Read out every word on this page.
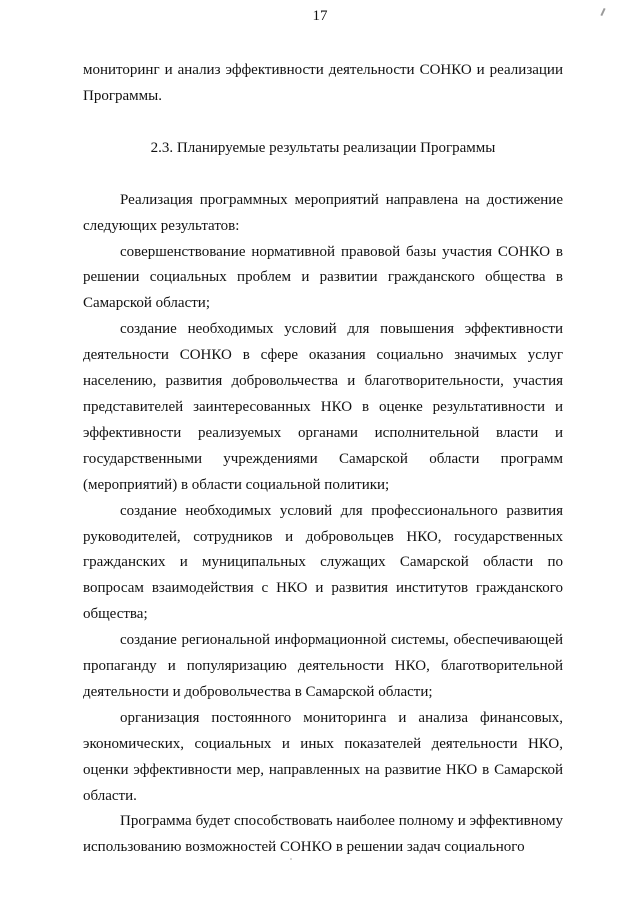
17

мониторинг и анализ эффективности деятельности СОНКО и реализации Программы.

2.3. Планируемые результаты реализации Программы

Реализация программных мероприятий направлена на достижение следующих результатов:

совершенствование нормативной правовой базы участия СОНКО в решении социальных проблем и развитии гражданского общества в Самарской области;

создание необходимых условий для повышения эффективности деятельности СОНКО в сфере оказания социально значимых услуг населению, развития добровольчества и благотворительности, участия представителей заинтересованных НКО в оценке результативности и эффективности реализуемых органами исполнительной власти и государственными учреждениями Самарской области программ (мероприятий) в области социальной политики;

создание необходимых условий для профессионального развития руководителей, сотрудников и добровольцев НКО, государственных гражданских и муниципальных служащих Самарской области по вопросам взаимодействия с НКО и развития институтов гражданского общества;

создание региональной информационной системы, обеспечивающей пропаганду и популяризацию деятельности НКО, благотворительной деятельности и добровольчества в Самарской области;

организация постоянного мониторинга и анализа финансовых, экономических, социальных и иных показателей деятельности НКО, оценки эффективности мер, направленных на развитие НКО в Самарской области.

Программа будет способствовать наиболее полному и эффективному использованию возможностей СОНКО в решении задач социального
